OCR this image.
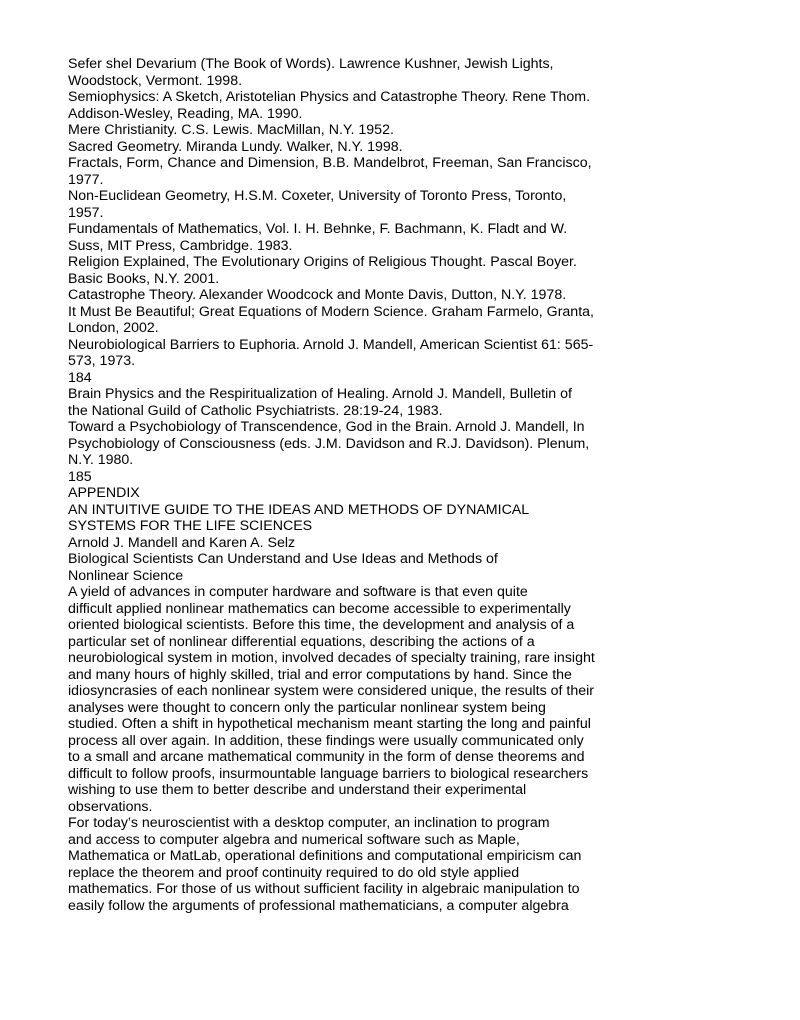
Sefer shel Devarium (The Book of Words). Lawrence Kushner, Jewish Lights,
Woodstock, Vermont. 1998.
Semiophysics: A Sketch, Aristotelian Physics and Catastrophe Theory. Rene Thom.
Addison-Wesley, Reading, MA. 1990.
Mere Christianity. C.S. Lewis. MacMillan, N.Y. 1952.
Sacred Geometry. Miranda Lundy. Walker, N.Y. 1998.
Fractals, Form, Chance and Dimension, B.B. Mandelbrot, Freeman, San Francisco,
1977.
Non-Euclidean Geometry, H.S.M. Coxeter, University of Toronto Press, Toronto,
1957.
Fundamentals of Mathematics, Vol. I. H. Behnke, F. Bachmann, K. Fladt and W.
Suss, MIT Press, Cambridge. 1983.
Religion Explained, The Evolutionary Origins of Religious Thought. Pascal Boyer.
Basic Books, N.Y. 2001.
Catastrophe Theory. Alexander Woodcock and Monte Davis, Dutton, N.Y. 1978.
It Must Be Beautiful; Great Equations of Modern Science. Graham Farmelo, Granta,
London, 2002.
Neurobiological Barriers to Euphoria. Arnold J. Mandell, American Scientist 61: 565-
573, 1973.
184
Brain Physics and the Respiritualization of Healing. Arnold J. Mandell, Bulletin of
the National Guild of Catholic Psychiatrists. 28:19-24, 1983.
Toward a Psychobiology of Transcendence, God in the Brain. Arnold J. Mandell, In
Psychobiology of Consciousness (eds. J.M. Davidson and R.J. Davidson). Plenum,
N.Y. 1980.
185
APPENDIX
AN INTUITIVE GUIDE TO THE IDEAS AND METHODS OF DYNAMICAL
SYSTEMS FOR THE LIFE SCIENCES
Arnold J. Mandell and Karen A. Selz
Biological Scientists Can Understand and Use Ideas and Methods of
Nonlinear Science
A yield of advances in computer hardware and software is that even quite
difficult applied nonlinear mathematics can become accessible to experimentally
oriented biological scientists. Before this time, the development and analysis of a
particular set of nonlinear differential equations, describing the actions of a
neurobiological system in motion, involved decades of specialty training, rare insight
and many hours of highly skilled, trial and error computations by hand. Since the
idiosyncrasies of each nonlinear system were considered unique, the results of their
analyses were thought to concern only the particular nonlinear system being
studied. Often a shift in hypothetical mechanism meant starting the long and painful
process all over again. In addition, these findings were usually communicated only
to a small and arcane mathematical community in the form of dense theorems and
difficult to follow proofs, insurmountable language barriers to biological researchers
wishing to use them to better describe and understand their experimental
observations.
For today’s neuroscientist with a desktop computer, an inclination to program
and access to computer algebra and numerical software such as Maple,
Mathematica or MatLab, operational definitions and computational empiricism can
replace the theorem and proof continuity required to do old style applied
mathematics. For those of us without sufficient facility in algebraic manipulation to
easily follow the arguments of professional mathematicians, a computer algebra
